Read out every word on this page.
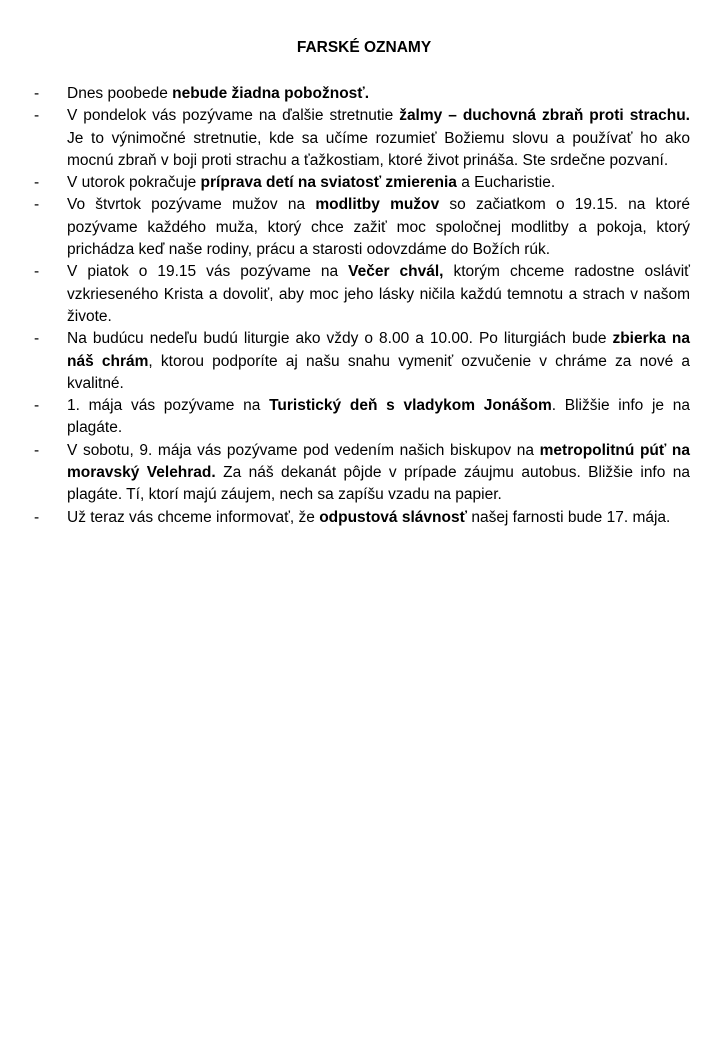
FARSKÉ OZNAMY
- Dnes poobede nebude žiadna pobožnosť.
- V pondelok vás pozývame na ďalšie stretnutie žalmy – duchovná zbraň proti strachu. Je to výnimočné stretnutie, kde sa učíme rozumieť Božiemu slovu a používať ho ako mocnú zbraň v boji proti strachu a ťažkostiam, ktoré život prináša. Ste srdečne pozvaní.
- V utorok pokračuje príprava detí na sviatosť zmierenia a Eucharistie.
- Vo štvrtok pozývame mužov na modlitby mužov so začiatkom o 19.15. na ktoré pozývame každého muža, ktorý chce zažiť moc spoločnej modlitby a pokoja, ktorý prichádza keď naše rodiny, prácu a starosti odovzdáme do Božích rúk.
- V piatok o 19.15 vás pozývame na Večer chvál, ktorým chceme radostne osláviť vzkrieseného Krista a dovoliť, aby moc jeho lásky ničila každú temnotu a strach v našom živote.
- Na budúcu nedeľu budú liturgie ako vždy o 8.00 a 10.00. Po liturgiách bude zbierka na náš chrám, ktorou podporíte aj našu snahu vymeniť ozvučenie v chráme za nové a kvalitné.
- 1. mája vás pozývame na Turistický deň s vladykom Jonášom. Bližšie info je na plagáte.
- V sobotu, 9. mája vás pozývame pod vedením našich biskupov na metropolitnú púť na moravský Velehrad. Za náš dekanát pôjde v prípade záujmu autobus. Bližšie info na plagáte. Tí, ktorí majú záujem, nech sa zapíšu vzadu na papier.
- Už teraz vás chceme informovať, že odpustová slávnosť našej farnosti bude 17. mája.
